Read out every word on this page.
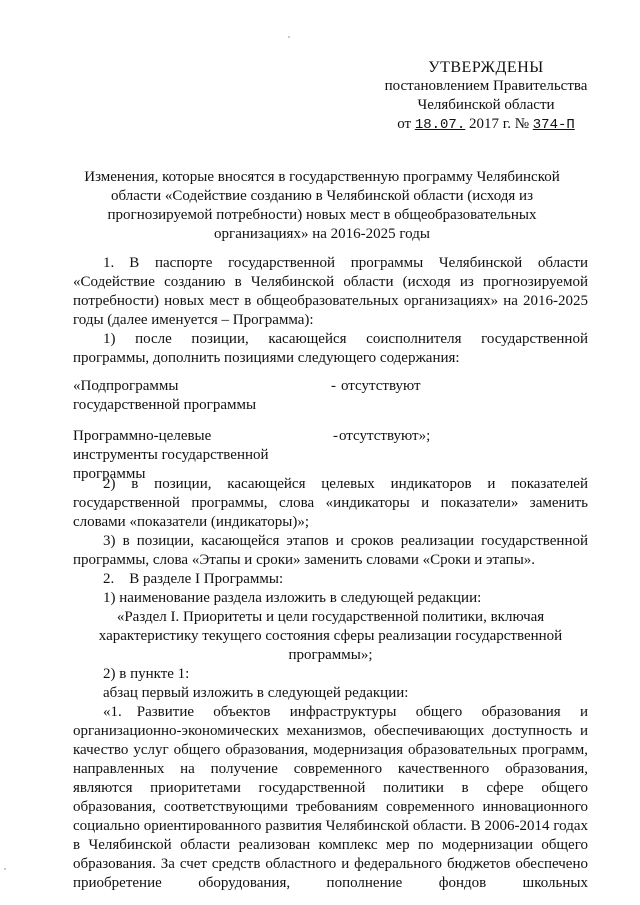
УТВЕРЖДЕНЫ
постановлением Правительства
Челябинской области
от 18.07. 2017 г. № 374-П
Изменения, которые вносятся в государственную программу Челябинской
области «Содействие созданию в Челябинской области (исходя из
прогнозируемой потребности) новых мест в общеобразовательных
организациях» на 2016-2025 годы

1. В паспорте государственной программы Челябинской области «Содействие созданию в Челябинской области (исходя из прогнозируемой потребности) новых мест в общеобразовательных организациях» на 2016-2025 годы (далее именуется – Программа):

1) после позиции, касающейся соисполнителя государственной программы, дополнить позициями следующего содержания:

«Подпрограммы государственной программы
- отсутствуют
Программно-целевые инструменты государственной программы
- отсутствуют»;

2) в позиции, касающейся целевых индикаторов и показателей государственной программы, слова «индикаторы и показатели» заменить словами «показатели (индикаторы)»;

3) в позиции, касающейся этапов и сроков реализации государственной программы, слова «Этапы и сроки» заменить словами «Сроки и этапы».

2. В разделе I Программы:

1) наименование раздела изложить в следующей редакции:

«Раздел I. Приоритеты и цели государственной политики, включая характеристику текущего состояния сферы реализации государственной программы»;

2) в пункте 1:

абзац первый изложить в следующей редакции:

«1. Развитие объектов инфраструктуры общего образования и организационно-экономических механизмов, обеспечивающих доступность и качество услуг общего образования, модернизация образовательных программ, направленных на получение современного качественного образования, являются приоритетами государственной политики в сфере общего образования, соответствующими требованиям современного инновационного социально ориентированного развития Челябинской области. В 2006-2014 годах в Челябинской области реализован комплекс мер по модернизации общего образования. За счет средств областного и федерального бюджетов обеспечено приобретение оборудования, пополнение фондов школьных
